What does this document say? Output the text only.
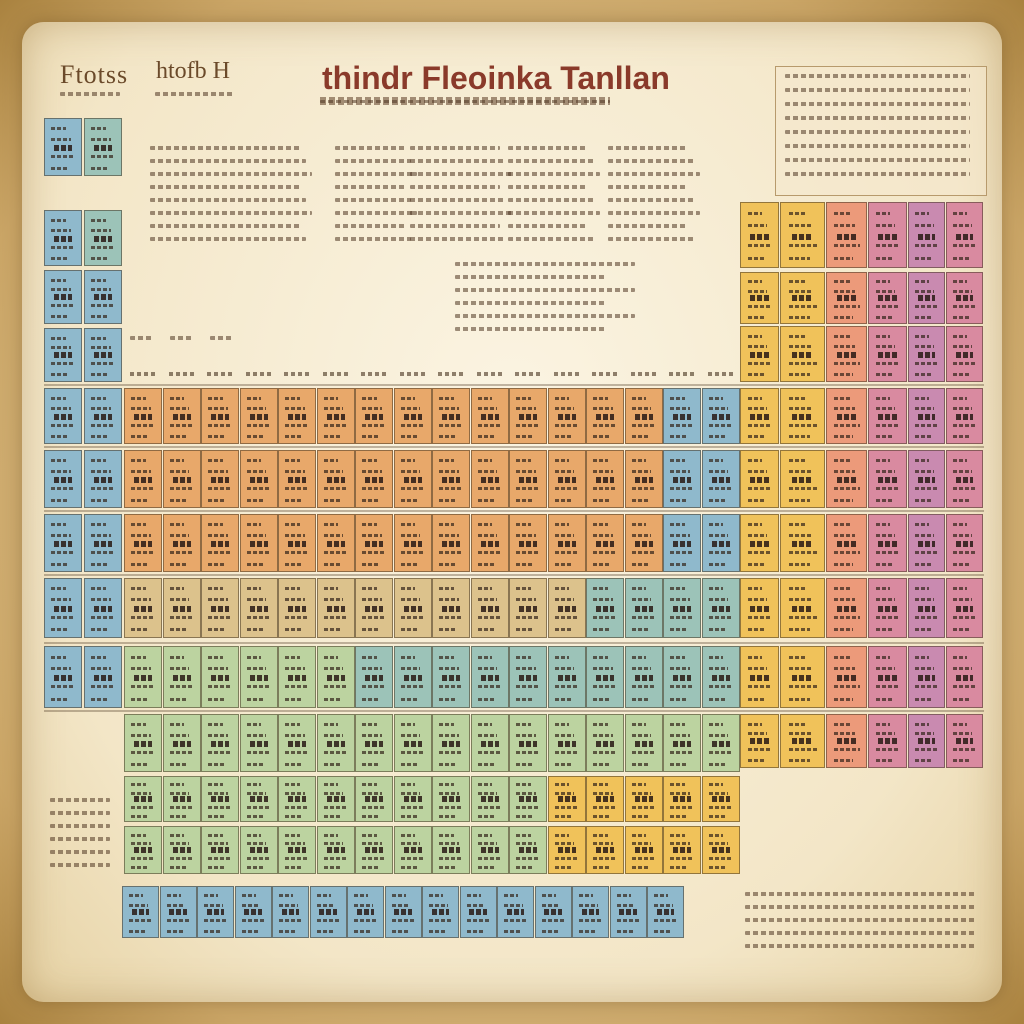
Ftotss htofb H	thindr Fleoinka Tanllan
